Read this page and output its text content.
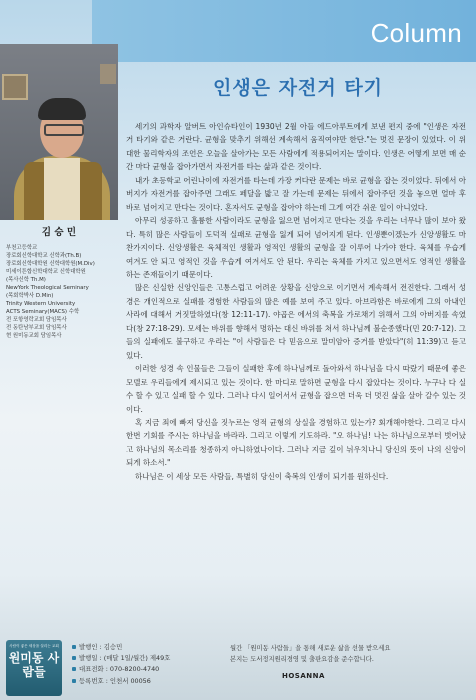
Column
김 승 민
부천고등학교
장로회신학대학교 신학과(Th.B)
장로회신학대학원 신학대학원(M.Div)
미세이튼합신학대학교 신학대학원
(목사신학 Th.M)
NewYork Theological Seminary
(목회학박사 D.Min)
Trinity Western University
ACTS Seminary(MACS) 수학
전 포항영락교회 담임목사
전 동탄남부교회 담임목사
현 원미동교회 담임목사
인생은 자전거 타기

세기의 과학자 알버트 아인슈타인이 1930년 2월 아들 에드아루트에게 보낸 편지 중에 "인생은 자전거 타기와 같은 거란다. 균형을 맞추기 위해선 계속해서 움직여야만 한단."는 멋진 문장이 있었다. 이 위대한 물리학자의 조언은 오늘을 살아가는 모든 사람에게 적용되어지는 말이다. 인생은 어떻게 보면 매 순간 마다 균형을 잡아가면서 자전거를 타는 삶과 같은 것이다.

내가 초등학교 어린나이에 자전거를 타는데 가장 커다란 문제는 바로 균형을 잡는 것이었다. 뒤에서 아버지가 자전거를 잡아주면 그래도 페달을 밟고 잘 가는데 문제는 뒤에서 잡아주던 것을 놓으면 얼마 후 바로 넘어지고 만다는 것이다. 혼자서도 균형을 잡아야 하는데 그게 여간 쉬운 일이 아니었다.

아무리 성공하고 훌륭한 사람이라도 균형을 잃으면 넘어지고 만다는 것을 우리는 너무나 많이 보아 왔다. 특히 많은 사람들이 도덕적 실패로 균형을 잃게 되어 넘어지게 된다. 인생뿐이겠는가 신앙생활도 마찬가지이다. 신앙생활은 육체적인 생활과 영적인 생활의 균형을 잘 이루어 나가야 한다. 육체를 우습게 여겨도 안 되고 영적인 것을 우습게 여겨서도 안 된다. 우리는 육체를 가지고 있으면서도 영적인 생활을 하는 존재들이기 때문이다.

많은 신실한 신앙인들은 고통스럽고 어려운 상황을 신앙으로 이기면서 계속해서 전진한다. 그래서 성경은 개인적으로 실패를 경험한 사람들의 많은 예를 보여 주고 있다. 아브라함은 바로에게 그의 아내인 사라에 대해서 거짓말하였다(창 12:11-17). 야곱은 에서의 축복을 가로채기 위해서 그의 아버지를 속였다(창 27:18-29). 모세는 바위를 향해서 명하는 대신 바위를 쳐서 하나님께 불순종했다(민 20:7-12). 그들의 실패에도 불구하고 우리는 "이 사람들은 다 믿음으로 말미암아 증거를 받았다"(히 11:39)고 듣고 있다.

이러한 성경 속 인물들은 그들이 실패한 후에 하나님께로 돌아와서 하나님을 다시 따랐기 때문에 좋은 모델로 우리들에게 제시되고 있는 것이다. 한 마디로 말하면 균형을 다시 잡았다는 것이다. 누구나 다 실수 할 수 있고 실패 할 수 있다. 그러나 다시 일어서서 균형을 잡으면 더욱 더 멋진 삶을 살아 갈수 있는 것이다.

혹 지금 죄에 빠져 당신을 짓누르는 영적 균형의 상실을 경험하고 있는가? 회개해야한다. 그리고 다시 한번 기회를 주시는 하나님을 바라라. 그리고 이렇게 기도하라. "오 하나님! 나는 하나님으로부터 벗어났고 하나님의 목소리를 청종하지 아니하였나이다. 그러나 지금 깊이 뉘우치나니 당신의 뜻이 나의 신앙이 되게 하소서."

하나님은 이 세상 모든 사람들, 특별히 당신이 축복의 인생이 되기를 원하신다.

사람이 좋은 세상을 살리는 교회
원미동 사람들
발행인 : 김승민
발행일 : (매달 1일/월간) 제49호
대표전화 : 070-8200-4740
등록번호 : 인천서 00056
월간 「원미동 사람들」을 통해 새로운 삶을 선물 받으세요
본지는 도서정지원리경영 및 출판요감을 준수합니다.
HOSANNA
